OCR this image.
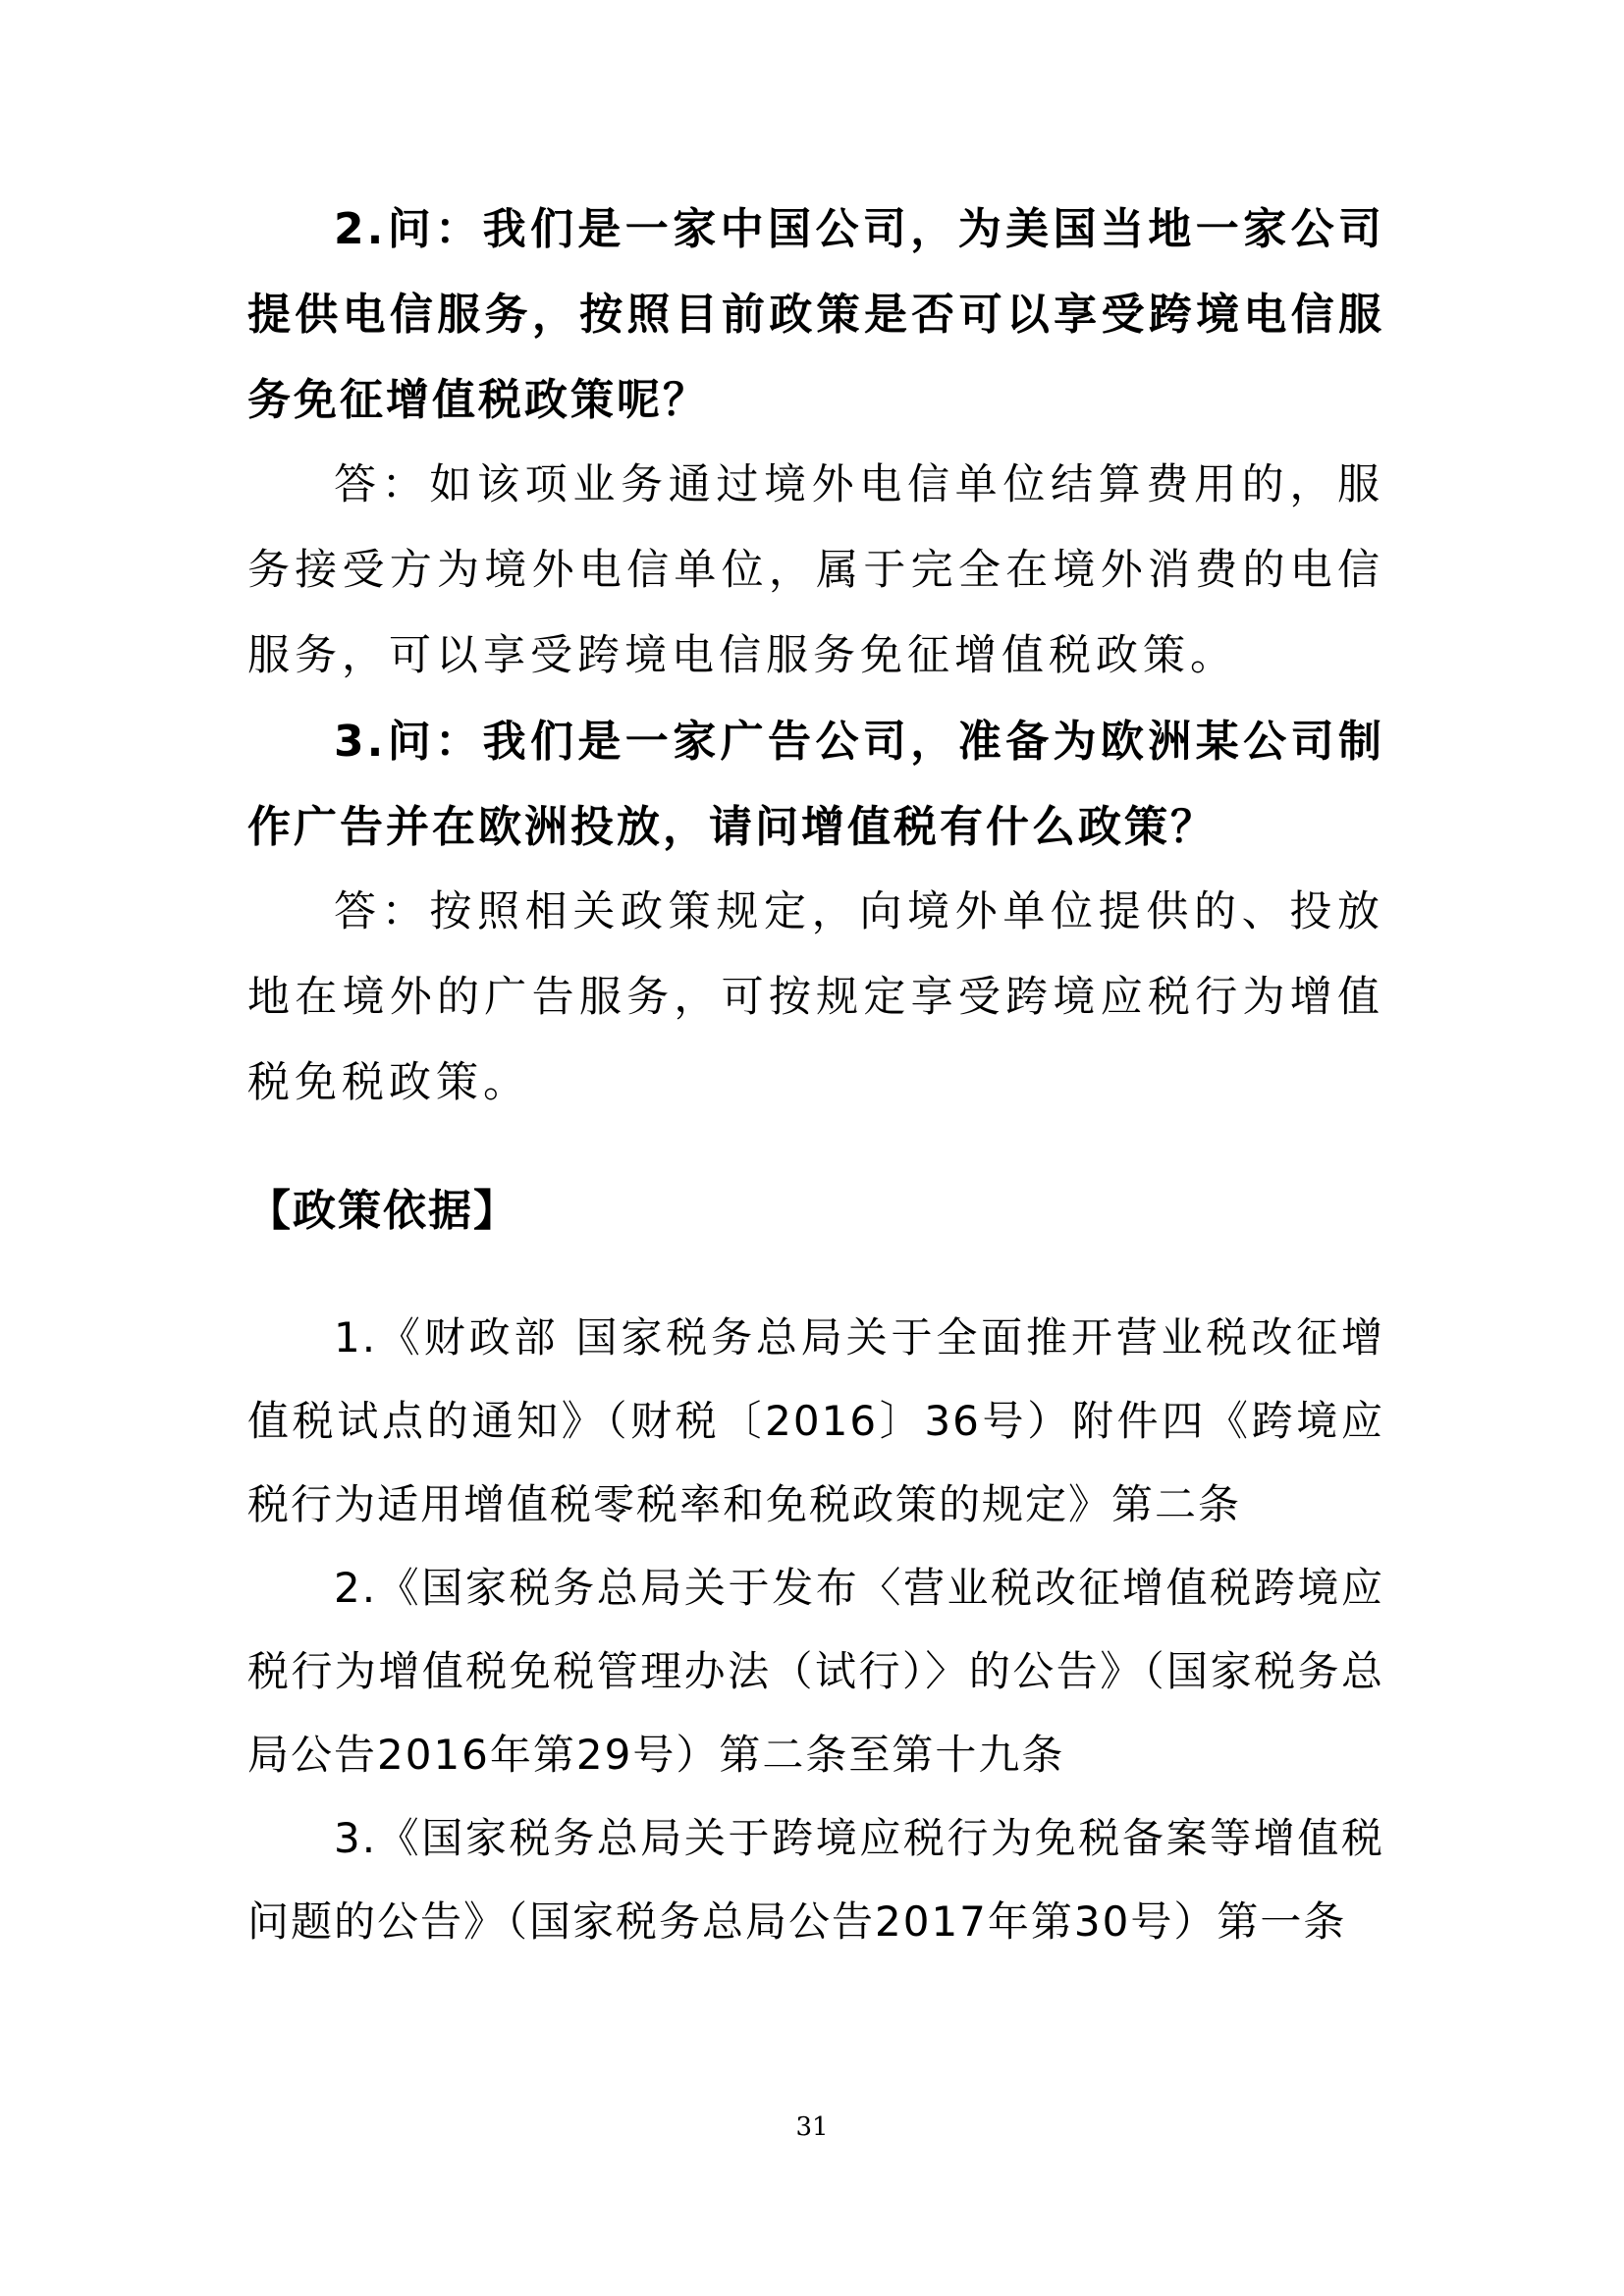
2.问：我们是一家中国公司，为美国当地一家公司提供电信服务，按照目前政策是否可以享受跨境电信服务免征增值税政策呢？

答：如该项业务通过境外电信单位结算费用的，服务接受方为境外电信单位，属于完全在境外消费的电信服务，可以享受跨境电信服务免征增值税政策。

3.问：我们是一家广告公司，准备为欧洲某公司制作广告并在欧洲投放，请问增值税有什么政策？

答：按照相关政策规定，向境外单位提供的、投放地在境外的广告服务，可按规定享受跨境应税行为增值税免税政策。

【政策依据】

1.《财政部 国家税务总局关于全面推开营业税改征增值税试点的通知》（财税〔2016〕36号）附件四《跨境应税行为适用增值税零税率和免税政策的规定》第二条

2.《国家税务总局关于发布〈营业税改征增值税跨境应税行为增值税免税管理办法（试行）〉的公告》（国家税务总局公告2016年第29号）第二条至第十九条

3.《国家税务总局关于跨境应税行为免税备案等增值税问题的公告》（国家税务总局公告2017年第30号）第一条

31
